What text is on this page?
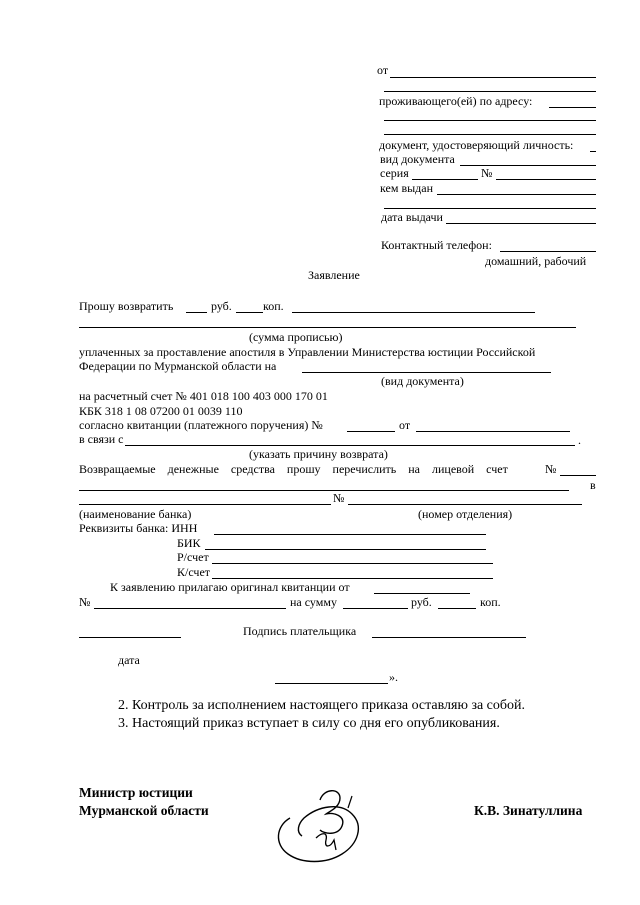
от
проживающего(ей) по адресу:
документ, удостоверяющий личность:
вид документа
серия	№
кем выдан
дата выдачи
Контактный телефон:
домашний, рабочий
Заявление
Прошу возвратить	руб.	коп.
(сумма прописью)
уплаченных за проставление апостиля в Управлении Министерства юстиции Российской
Федерации по Мурманской области на
(вид документа)
на расчетный счет № 401 018 100 403 000 170 01
КБК 318 1 08 07200 01 0039 110
согласно квитанции (платежного поручения) №	от
в связи с	.
(указать причину возврата)
Возвращаемые денежные средства прошу перечислить на лицевой счет	№
в
№
(наименование банка)	(номер отделения)
Реквизиты банка: ИНН
БИК
Р/счет
К/счет
К заявлению прилагаю оригинал квитанции от
№	на сумму	руб.	коп.
Подпись плательщика
дата
».
2. Контроль за исполнением настоящего приказа оставляю за собой.
3. Настоящий приказ вступает в силу со дня его опубликования.
Министр юстиции
Мурманской области	К.В. Зинатуллина
